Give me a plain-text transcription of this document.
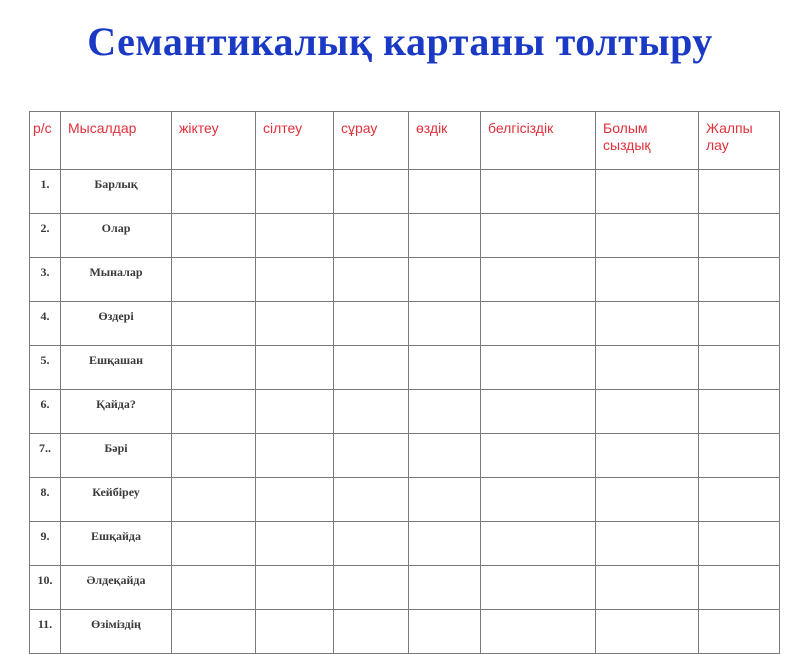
Семантикалық картаны толтыру
р/с	Мысалдар	жіктеу	сілтеу	сұрау	өздік	белгісіздік	Болым сыздық	Жалпы лау
1.	Барлық							
2.	Олар							
3.	Мыналар							
4.	Өздері							
5.	Ешқашан							
6.	Қайда?							
7..	Бәрі							
8.	Кейбіреу							
9.	Ешқайда							
10.	Әлдеқайда							
11.	Өзіміздің							
